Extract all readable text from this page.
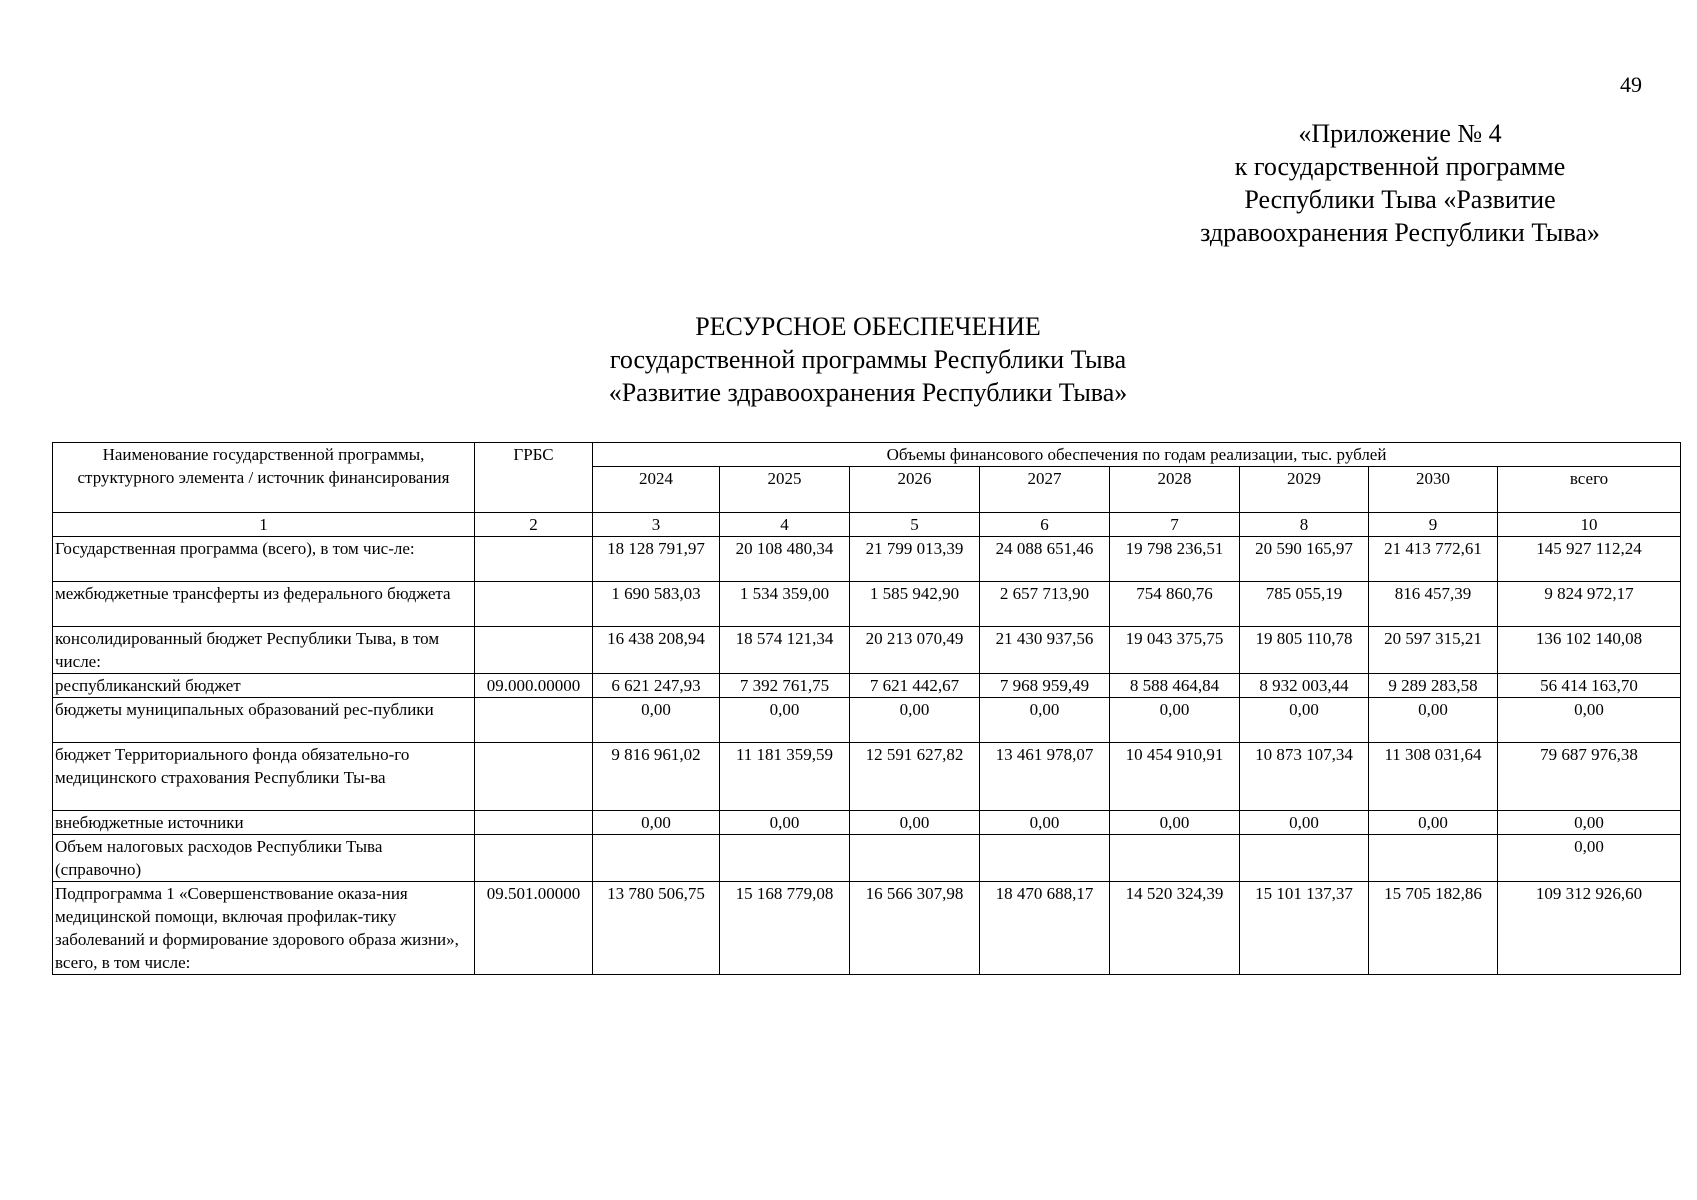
49
«Приложение № 4
к государственной программе
Республики Тыва «Развитие
здравоохранения Республики Тыва»
РЕСУРСНОЕ ОБЕСПЕЧЕНИЕ
государственной программы Республики Тыва
«Развитие здравоохранения Республики Тыва»
Наименование государственной программы, структурного элемента / источник финансирования	ГРБС	Объемы финансового обеспечения по годам реализации, тыс. рублей							
		2024	2025	2026	2027	2028	2029	2030	всего
1	2	3	4	5	6	7	8	9	10
Государственная программа (всего), в том чис-ле:		18 128 791,97	20 108 480,34	21 799 013,39	24 088 651,46	19 798 236,51	20 590 165,97	21 413 772,61	145 927 112,24
межбюджетные трансферты из федерального бюджета		1 690 583,03	1 534 359,00	1 585 942,90	2 657 713,90	754 860,76	785 055,19	816 457,39	9 824 972,17
консолидированный бюджет Республики Тыва, в том числе:		16 438 208,94	18 574 121,34	20 213 070,49	21 430 937,56	19 043 375,75	19 805 110,78	20 597 315,21	136 102 140,08
республиканский бюджет	09.000.00000	6 621 247,93	7 392 761,75	7 621 442,67	7 968 959,49	8 588 464,84	8 932 003,44	9 289 283,58	56 414 163,70
бюджеты муниципальных образований рес-публики		0,00	0,00	0,00	0,00	0,00	0,00	0,00	0,00
бюджет Территориального фонда обязательно-го медицинского страхования Республики Ты-ва		9 816 961,02	11 181 359,59	12 591 627,82	13 461 978,07	10 454 910,91	10 873 107,34	11 308 031,64	79 687 976,38
внебюджетные источники		0,00	0,00	0,00	0,00	0,00	0,00	0,00	0,00
Объем налоговых расходов Республики Тыва (справочно)									0,00
Подпрограмма 1 «Совершенствование оказа-ния медицинской помощи, включая профилак-тику заболеваний и формирование здорового образа жизни», всего, в том числе:	09.501.00000	13 780 506,75	15 168 779,08	16 566 307,98	18 470 688,17	14 520 324,39	15 101 137,37	15 705 182,86	109 312 926,60
